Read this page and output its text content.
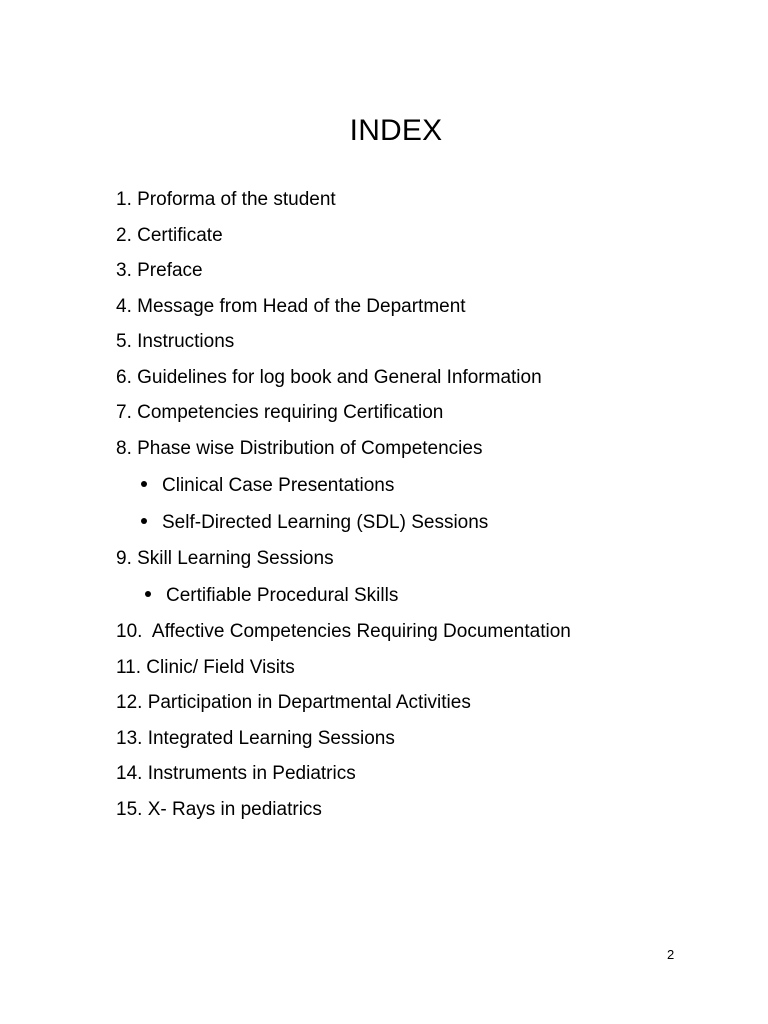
INDEX
1. Proforma of the student
2. Certificate
3. Preface
4. Message from Head of the Department
5. Instructions
6. Guidelines for log book and General Information
7. Competencies requiring Certification
8. Phase wise Distribution of Competencies
Clinical Case Presentations
Self-Directed Learning (SDL) Sessions
9. Skill Learning Sessions
Certifiable Procedural Skills
10.  Affective Competencies Requiring Documentation
11. Clinic/ Field Visits
12. Participation in Departmental Activities
13. Integrated Learning Sessions
14. Instruments in Pediatrics
15. X- Rays in pediatrics
2
